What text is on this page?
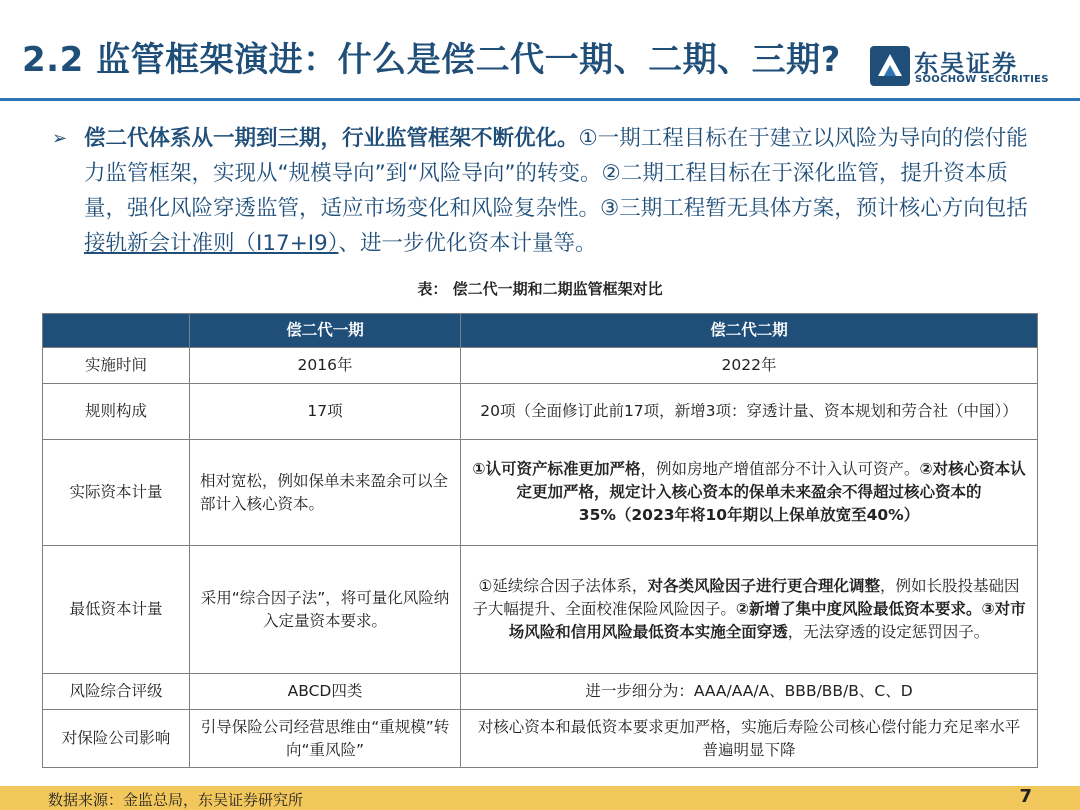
2.2 监管框架演进：什么是偿二代一期、二期、三期?	东吴证券
SOOCHOW SECURITIES
➢ 偿二代体系从一期到三期，行业监管框架不断优化。①一期工程目标在于建立以风险为导向的偿付能力监管框架，实现从“规模导向”到“风险导向”的转变。②二期工程目标在于深化监管，提升资本质量，强化风险穿透监管，适应市场变化和风险复杂性。③三期工程暂无具体方案，预计核心方向包括接轨新会计准则（I17+I9）、进一步优化资本计量等。
表： 偿二代一期和二期监管框架对比
	偿二代一期	偿二代二期
实施时间	2016年	2022年
规则构成	17项	20项（全面修订此前17项，新增3项：穿透计量、资本规划和劳合社（中国））
实际资本计量	相对宽松，例如保单未来盈余可以全部计入核心资本。	①认可资产标准更加严格，例如房地产增值部分不计入认可资产。②对核心资本认定更加严格，规定计入核心资本的保单未来盈余不得超过核心资本的35%（2023年将10年期以上保单放宽至40%）
最低资本计量	采用“综合因子法”，将可量化风险纳入定量资本要求。	①延续综合因子法体系，对各类风险因子进行更合理化调整，例如长股投基础因子大幅提升、全面校准保险风险因子。②新增了集中度风险最低资本要求。③对市场风险和信用风险最低资本实施全面穿透，无法穿透的设定惩罚因子。
风险综合评级	ABCD四类	进一步细分为：AAA/AA/A、BBB/BB/B、C、D
对保险公司影响	引导保险公司经营思维由“重规模”转向“重风险”	对核心资本和最低资本要求更加严格，实施后寿险公司核心偿付能力充足率水平普遍明显下降
数据来源：金监总局，东吴证券研究所	7
